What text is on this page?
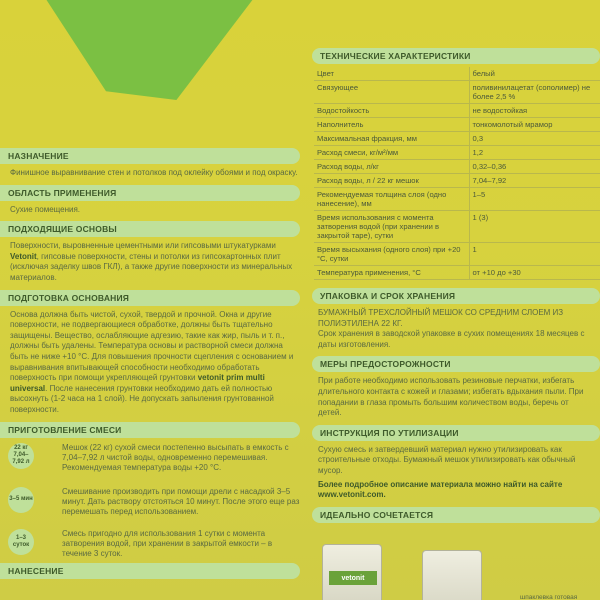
НАЗНАЧЕНИЕ
Финишное выравнивание стен и потолков под оклейку обоями и под окраску.
ОБЛАСТЬ ПРИМЕНЕНИЯ
Сухие помещения.
ПОДХОДЯЩИЕ ОСНОВЫ
Поверхности, выровненные цементными или гипсовыми штукатурками Vetonit, гипсовые поверхности, стены и потолки из гипсокартонных плит (исключая заделку швов ГКЛ), а также другие поверхности из минеральных материалов.
ПОДГОТОВКА ОСНОВАНИЯ
Основа должна быть чистой, сухой, твердой и прочной. Окна и другие поверхности, не подвергающиеся обработке, должны быть тщательно защищены. Вещество, ослабляющие адгезию, такие как жир, пыль и т. п., должны быть удалены. Температура основы и растворной смеси должна быть не ниже +10 °С. Для повышения прочности сцепления с основанием и выравнивания впитывающей способности необходимо обработать поверхность при помощи укрепляющей грунтовки vetonit prim multi universal. После нанесения грунтовки необходимо дать ей полностью высохнуть (1-2 часа на 1 слой). Не допускать запыления грунтованной поверхности.
ПРИГОТОВЛЕНИЕ СМЕСИ
22 кг 7,04–7,92 л
Мешок (22 кг) сухой смеси постепенно высыпать в емкость с 7,04–7,92 л чистой воды, одновременно перемешивая. Рекомендуемая температура воды +20 °С.
3–5 мин
Смешивание производить при помощи дрели с насадкой 3–5 минут. Дать раствору отстояться 10 минут. После этого еще раз перемешать перед использованием.
1–3 суток
Смесь пригодно для использования 1 сутки с момента затворения водой, при хранении в закрытой емкости – в течение 3 суток.
НАНЕСЕНИЕ
ТЕХНИЧЕСКИЕ ХАРАКТЕРИСТИКИ
Цвет	белый
Связующее	поливинилацетат (сополимер) не более 2,5 %
Водостойкость	не водостойкая
Наполнитель	тонкомолотый мрамор
Максимальная фракция, мм	0,3
Расход смеси, кг/м²/мм	1,2
Расход воды, л/кг	0,32–0,36
Расход воды, л / 22 кг мешок	7,04–7,92
Рекомендуемая толщина слоя (одно нанесение), мм	1–5
Время использования с момента затворения водой (при хранении в закрытой таре), сутки	1 (3)
Время высыхания (одного слоя) при +20 °С, сутки	1
Температура применения, °С	от +10 до +30
УПАКОВКА И СРОК ХРАНЕНИЯ
БУМАЖНЫЙ ТРЕХСЛОЙНЫЙ МЕШОК СО СРЕДНИМ СЛОЕМ ИЗ ПОЛИЭТИЛЕНА 22 КГ.
Срок хранения в заводской упаковке в сухих помещениях 18 месяцев с даты изготовления.
МЕРЫ ПРЕДОСТОРОЖНОСТИ
При работе необходимо использовать резиновые перчатки, избегать длительного контакта с кожей и глазами; избегать вдыхания пыли. При попадании в глаза промыть большим количеством воды, беречь от детей.
ИНСТРУКЦИЯ ПО УТИЛИЗАЦИИ
Сухую смесь и затвердевший материал нужно утилизировать как строительные отходы. Бумажный мешок утилизировать как обычный мусор.
Более подробное описание материала можно найти на сайте www.vetonit.com.
ИДЕАЛЬНО СОЧЕТАЕТСЯ
vetonit
шпаклевка готовая
